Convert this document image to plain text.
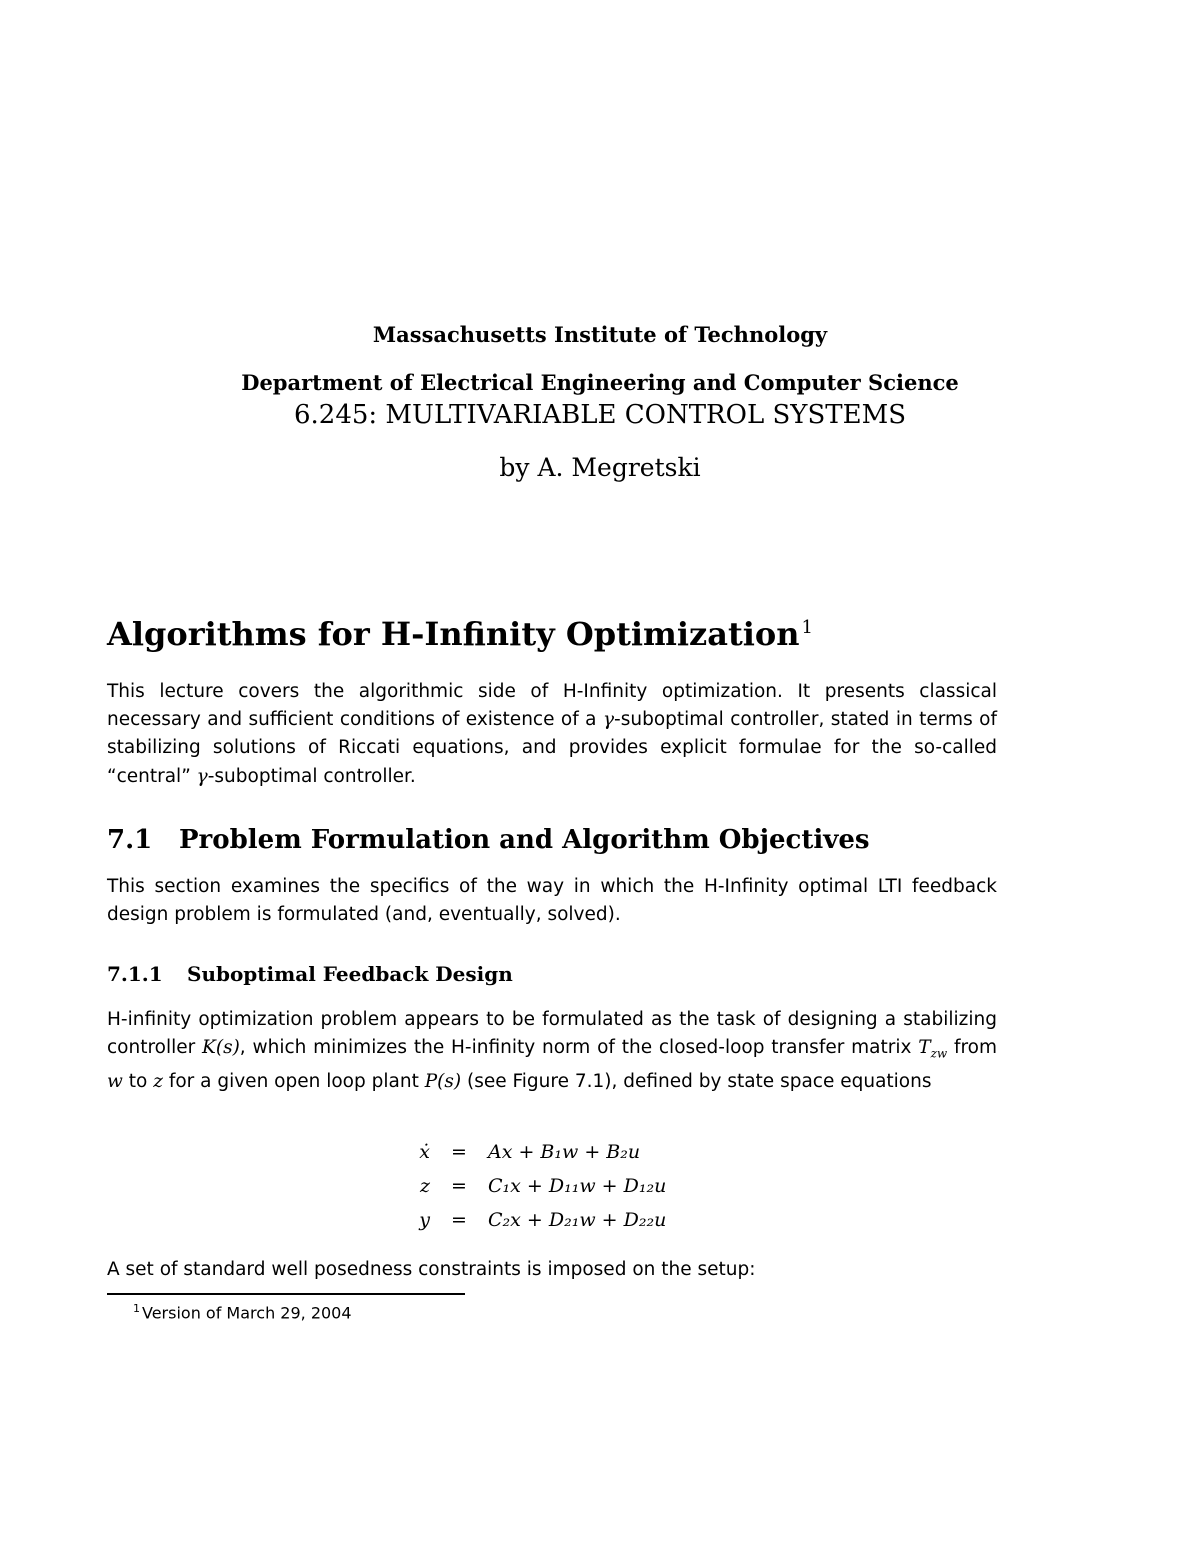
Massachusetts Institute of Technology
Department of Electrical Engineering and Computer Science
6.245: MULTIVARIABLE CONTROL SYSTEMS
by A. Megretski
Algorithms for H-Infinity Optimization $^1$

This lecture covers the algorithmic side of H-Infinity optimization. It presents classical necessary and sufficient conditions of existence of a γ-suboptimal controller, stated in terms of stabilizing solutions of Riccati equations, and provides explicit formulae for the so-called “central” γ-suboptimal controller.

7.1 Problem Formulation and Algorithm Objectives

This section examines the specifics of the way in which the H-Infinity optimal LTI feedback design problem is formulated (and, eventually, solved).

7.1.1 Suboptimal Feedback Design

H-infinity optimization problem appears to be formulated as the task of designing a stabilizing controller K(s), which minimizes the H-infinity norm of the closed-loop transfer matrix $T_{zw}$ from w to z for a given open loop plant P(s) (see Figure 7.1), defined by state space equations

ẋ = Ax + B₁w + B₂u
z = C₁x + D₁₁w + D₁₂u
y = C₂x + D₂₁w + D₂₂u

A set of standard well posedness constraints is imposed on the setup:

$^1$ Version of March 29, 2004
